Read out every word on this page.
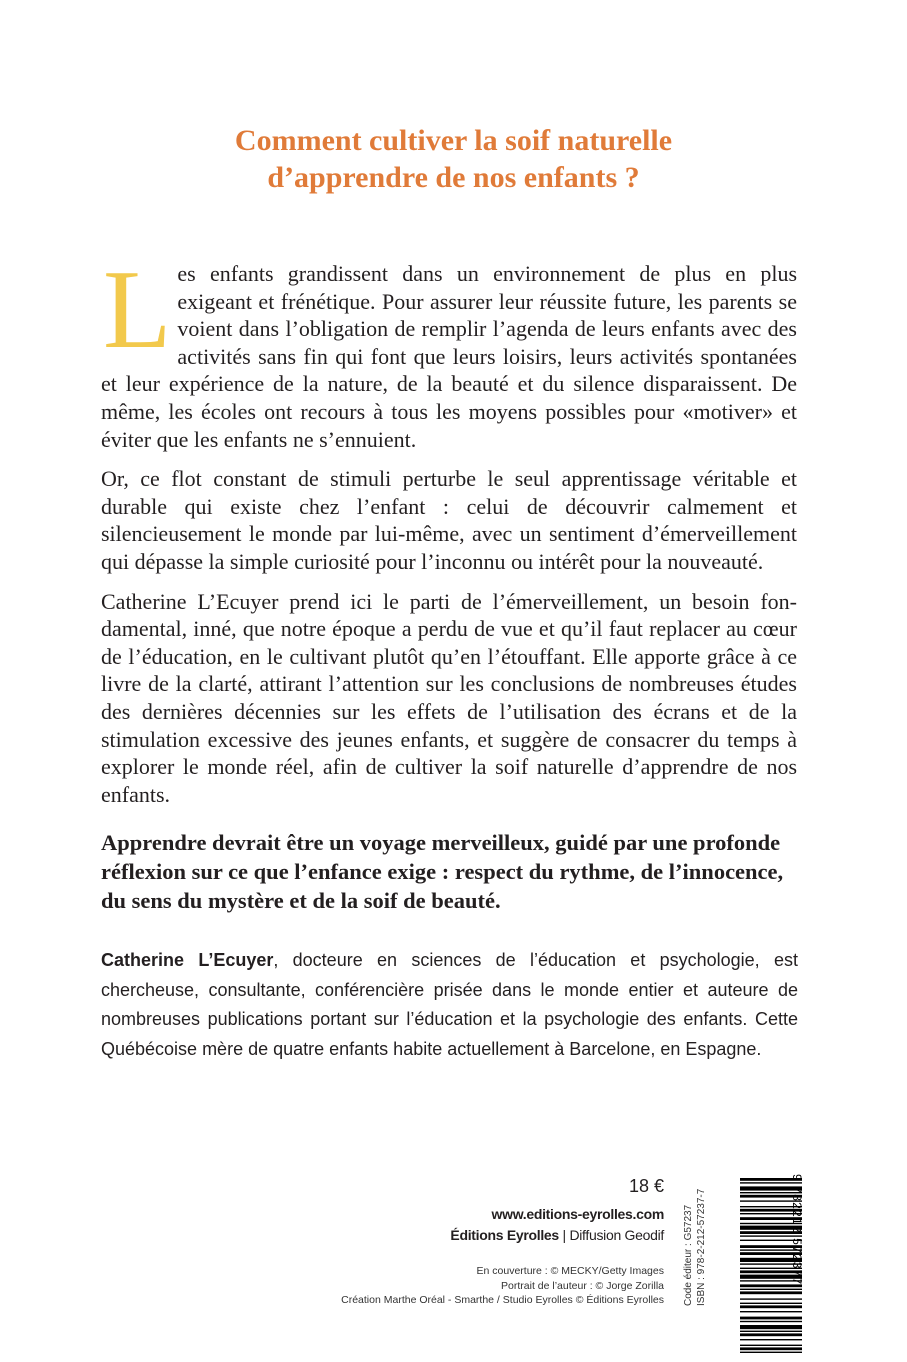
Comment cultiver la soif naturelle
d’apprendre de nos enfants ?

Les enfants grandissent dans un environnement de plus en plus exigeant et frénétique. Pour assurer leur réussite future, les parents se voient dans l’obligation de remplir l’agenda de leurs enfants avec des activités sans fin qui font que leurs loisirs, leurs activités spontanées et leur expérience de la nature, de la beauté et du silence disparaissent. De même, les écoles ont recours à tous les moyens possibles pour «motiver» et éviter que les enfants ne s’ennuient.

Or, ce flot constant de stimuli perturbe le seul apprentissage véritable et durable qui existe chez l’enfant : celui de découvrir calmement et silencieusement le monde par lui-même, avec un sentiment d’émerveillement qui dépasse la simple curiosité pour l’inconnu ou intérêt pour la nouveauté.

Catherine L’Ecuyer prend ici le parti de l’émerveillement, un besoin fondamental, inné, que notre époque a perdu de vue et qu’il faut replacer au cœur de l’éducation, en le cultivant plutôt qu’en l’étouffant. Elle apporte grâce à ce livre de la clarté, attirant l’attention sur les conclusions de nombreuses études des dernières décennies sur les effets de l’utilisation des écrans et de la stimulation excessive des jeunes enfants, et suggère de consacrer du temps à explorer le monde réel, afin de cultiver la soif naturelle d’apprendre de nos enfants.

Apprendre devrait être un voyage merveilleux, guidé par une profonde réflexion sur ce que l’enfance exige : respect du rythme, de l’innocence, du sens du mystère et de la soif de beauté.

Catherine L’Ecuyer, docteure en sciences de l’éducation et psychologie, est chercheuse, consultante, conférencière prisée dans le monde entier et auteure de nombreuses publications portant sur l’éducation et la psychologie des enfants. Cette Québécoise mère de quatre enfants habite actuellement à Barcelone, en Espagne.
18 €
www.editions-eyrolles.com
Éditions Eyrolles | Diffusion Geodif
En couverture : © MECKY/Getty Images
Portrait de l’auteur : © Jorge Zorilla
Création Marthe Oréal - Smarthe / Studio Eyrolles © Éditions Eyrolles Code éditeur : G57237 ISBN : 978-2-212-57237-7	9 782212 572377
